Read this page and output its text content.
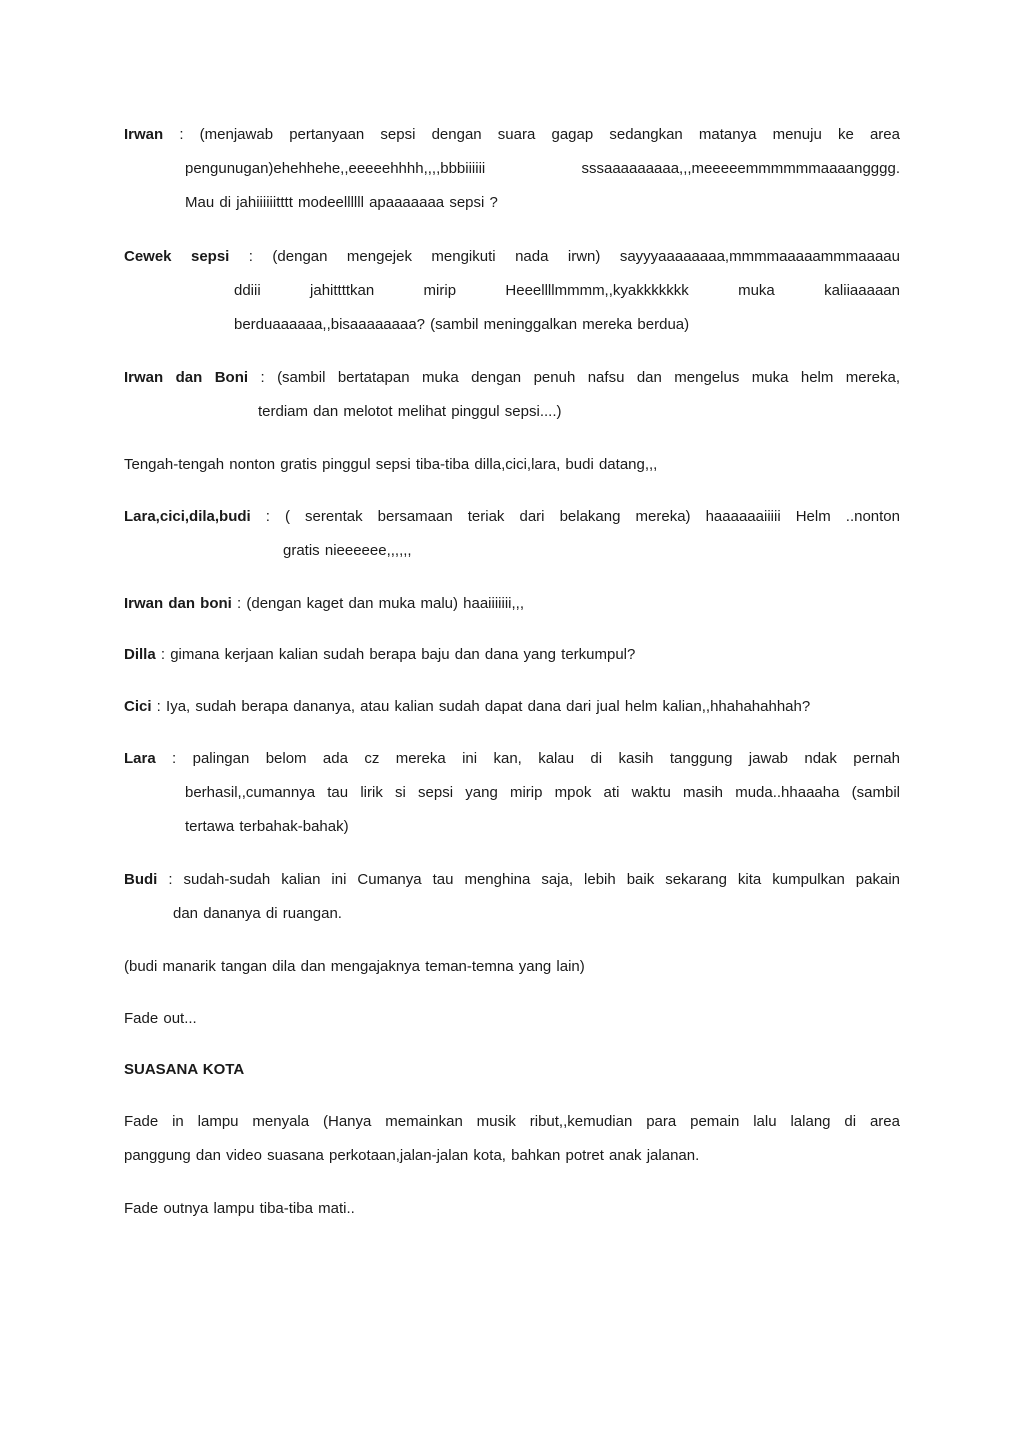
Irwan : (menjawab pertanyaan sepsi dengan suara gagap sedangkan matanya menuju ke area
pengunugan)ehehhehe,,eeeeehhhh,,,,bbbiiiiii sssaaaaaaaaa,,,meeeeemmmmmmaaaangggg.
Mau di jahiiiiiitttt modeellllll apaaaaaaa sepsi ?
Cewek sepsi : (dengan mengejek mengikuti nada irwn) sayyyaaaaaaaa,mmmmaaaaammmaaaau
ddiii jahittttkan mirip Heeellllmmmm,,kyakkkkkkk muka kaliiaaaaan
berduaaaaaa,,bisaaaaaaaa? (sambil meninggalkan mereka berdua)
Irwan dan Boni : (sambil bertatapan muka dengan penuh nafsu dan mengelus muka helm mereka,
terdiam dan melotot melihat pinggul sepsi....)
Tengah-tengah nonton gratis pinggul sepsi tiba-tiba dilla,cici,lara, budi datang,,,
Lara,cici,dila,budi : ( serentak bersamaan teriak dari belakang mereka) haaaaaaiiiii Helm ..nonton
gratis nieeeeee,,,,,,
Irwan dan boni : (dengan kaget dan muka malu) haaiiiiiii,,,
Dilla : gimana kerjaan kalian sudah berapa baju dan dana yang terkumpul?
Cici : Iya, sudah berapa dananya, atau kalian sudah dapat dana dari jual helm kalian,,hhahahahhah?
Lara : palingan belom ada cz mereka ini kan, kalau di kasih tanggung jawab ndak pernah
berhasil,,cumannya tau lirik si sepsi yang mirip mpok ati waktu masih muda..hhaaaha (sambil
tertawa terbahak-bahak)
Budi : sudah-sudah kalian ini Cumanya tau menghina saja, lebih baik sekarang kita kumpulkan pakain
dan dananya di ruangan.
(budi manarik tangan dila dan mengajaknya teman-temna yang lain)
Fade out...
SUASANA KOTA
Fade in lampu menyala (Hanya memainkan musik ribut,,kemudian para pemain lalu lalang di area
panggung dan video suasana perkotaan,jalan-jalan kota, bahkan potret anak jalanan.
Fade outnya lampu tiba-tiba mati..
